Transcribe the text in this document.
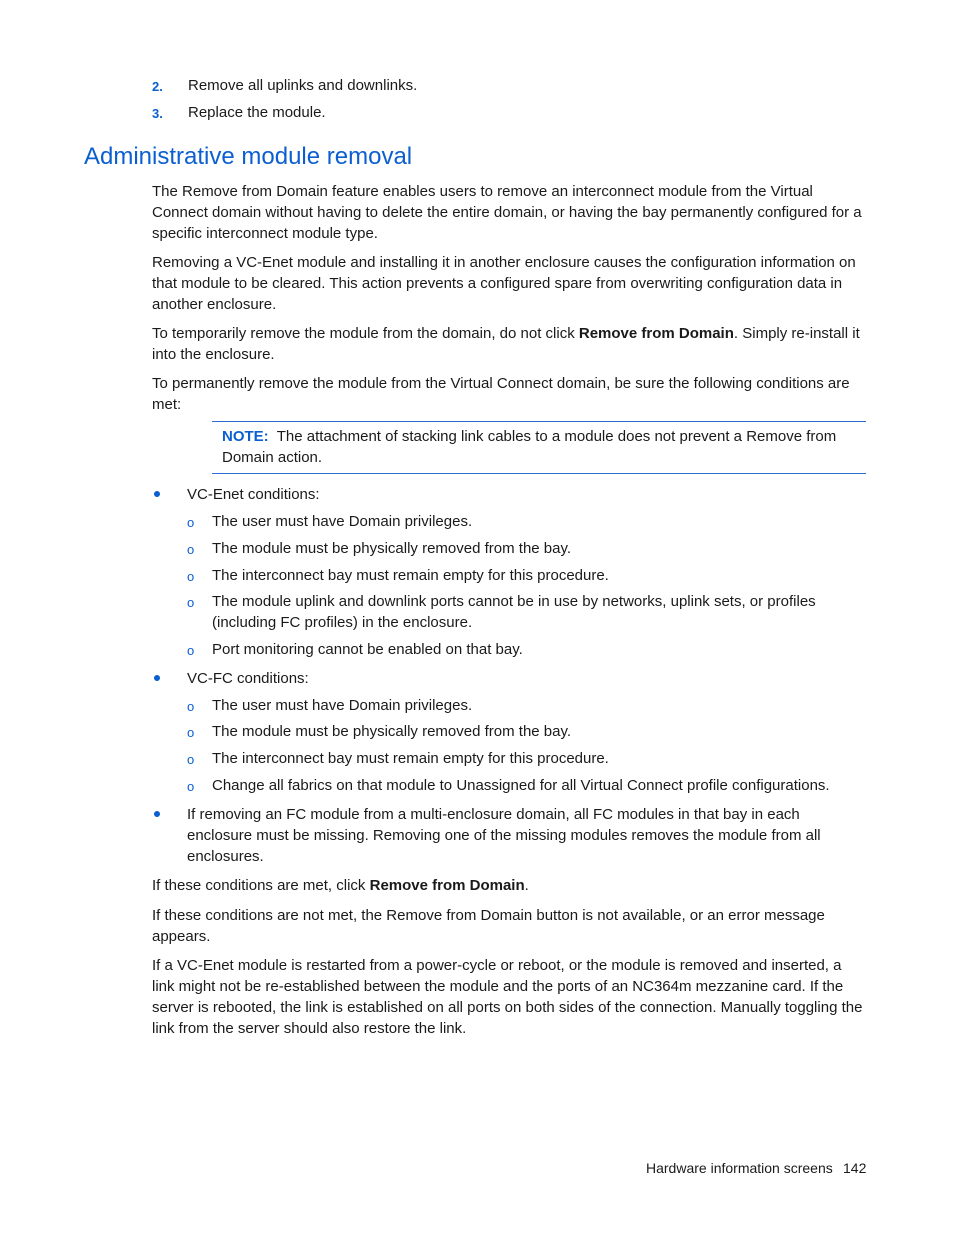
2. Remove all uplinks and downlinks.
3. Replace the module.
Administrative module removal
The Remove from Domain feature enables users to remove an interconnect module from the Virtual Connect domain without having to delete the entire domain, or having the bay permanently configured for a specific interconnect module type.
Removing a VC-Enet module and installing it in another enclosure causes the configuration information on that module to be cleared. This action prevents a configured spare from overwriting configuration data in another enclosure.
To temporarily remove the module from the domain, do not click Remove from Domain. Simply re-install it into the enclosure.
To permanently remove the module from the Virtual Connect domain, be sure the following conditions are met:
NOTE: The attachment of stacking link cables to a module does not prevent a Remove from Domain action.
VC-Enet conditions:
o The user must have Domain privileges.
o The module must be physically removed from the bay.
o The interconnect bay must remain empty for this procedure.
o The module uplink and downlink ports cannot be in use by networks, uplink sets, or profiles (including FC profiles) in the enclosure.
o Port monitoring cannot be enabled on that bay.
VC-FC conditions:
o The user must have Domain privileges.
o The module must be physically removed from the bay.
o The interconnect bay must remain empty for this procedure.
o Change all fabrics on that module to Unassigned for all Virtual Connect profile configurations.
If removing an FC module from a multi-enclosure domain, all FC modules in that bay in each enclosure must be missing. Removing one of the missing modules removes the module from all enclosures.
If these conditions are met, click Remove from Domain.
If these conditions are not met, the Remove from Domain button is not available, or an error message appears.
If a VC-Enet module is restarted from a power-cycle or reboot, or the module is removed and inserted, a link might not be re-established between the module and the ports of an NC364m mezzanine card. If the server is rebooted, the link is established on all ports on both sides of the connection. Manually toggling the link from the server should also restore the link.
Hardware information screens 142
